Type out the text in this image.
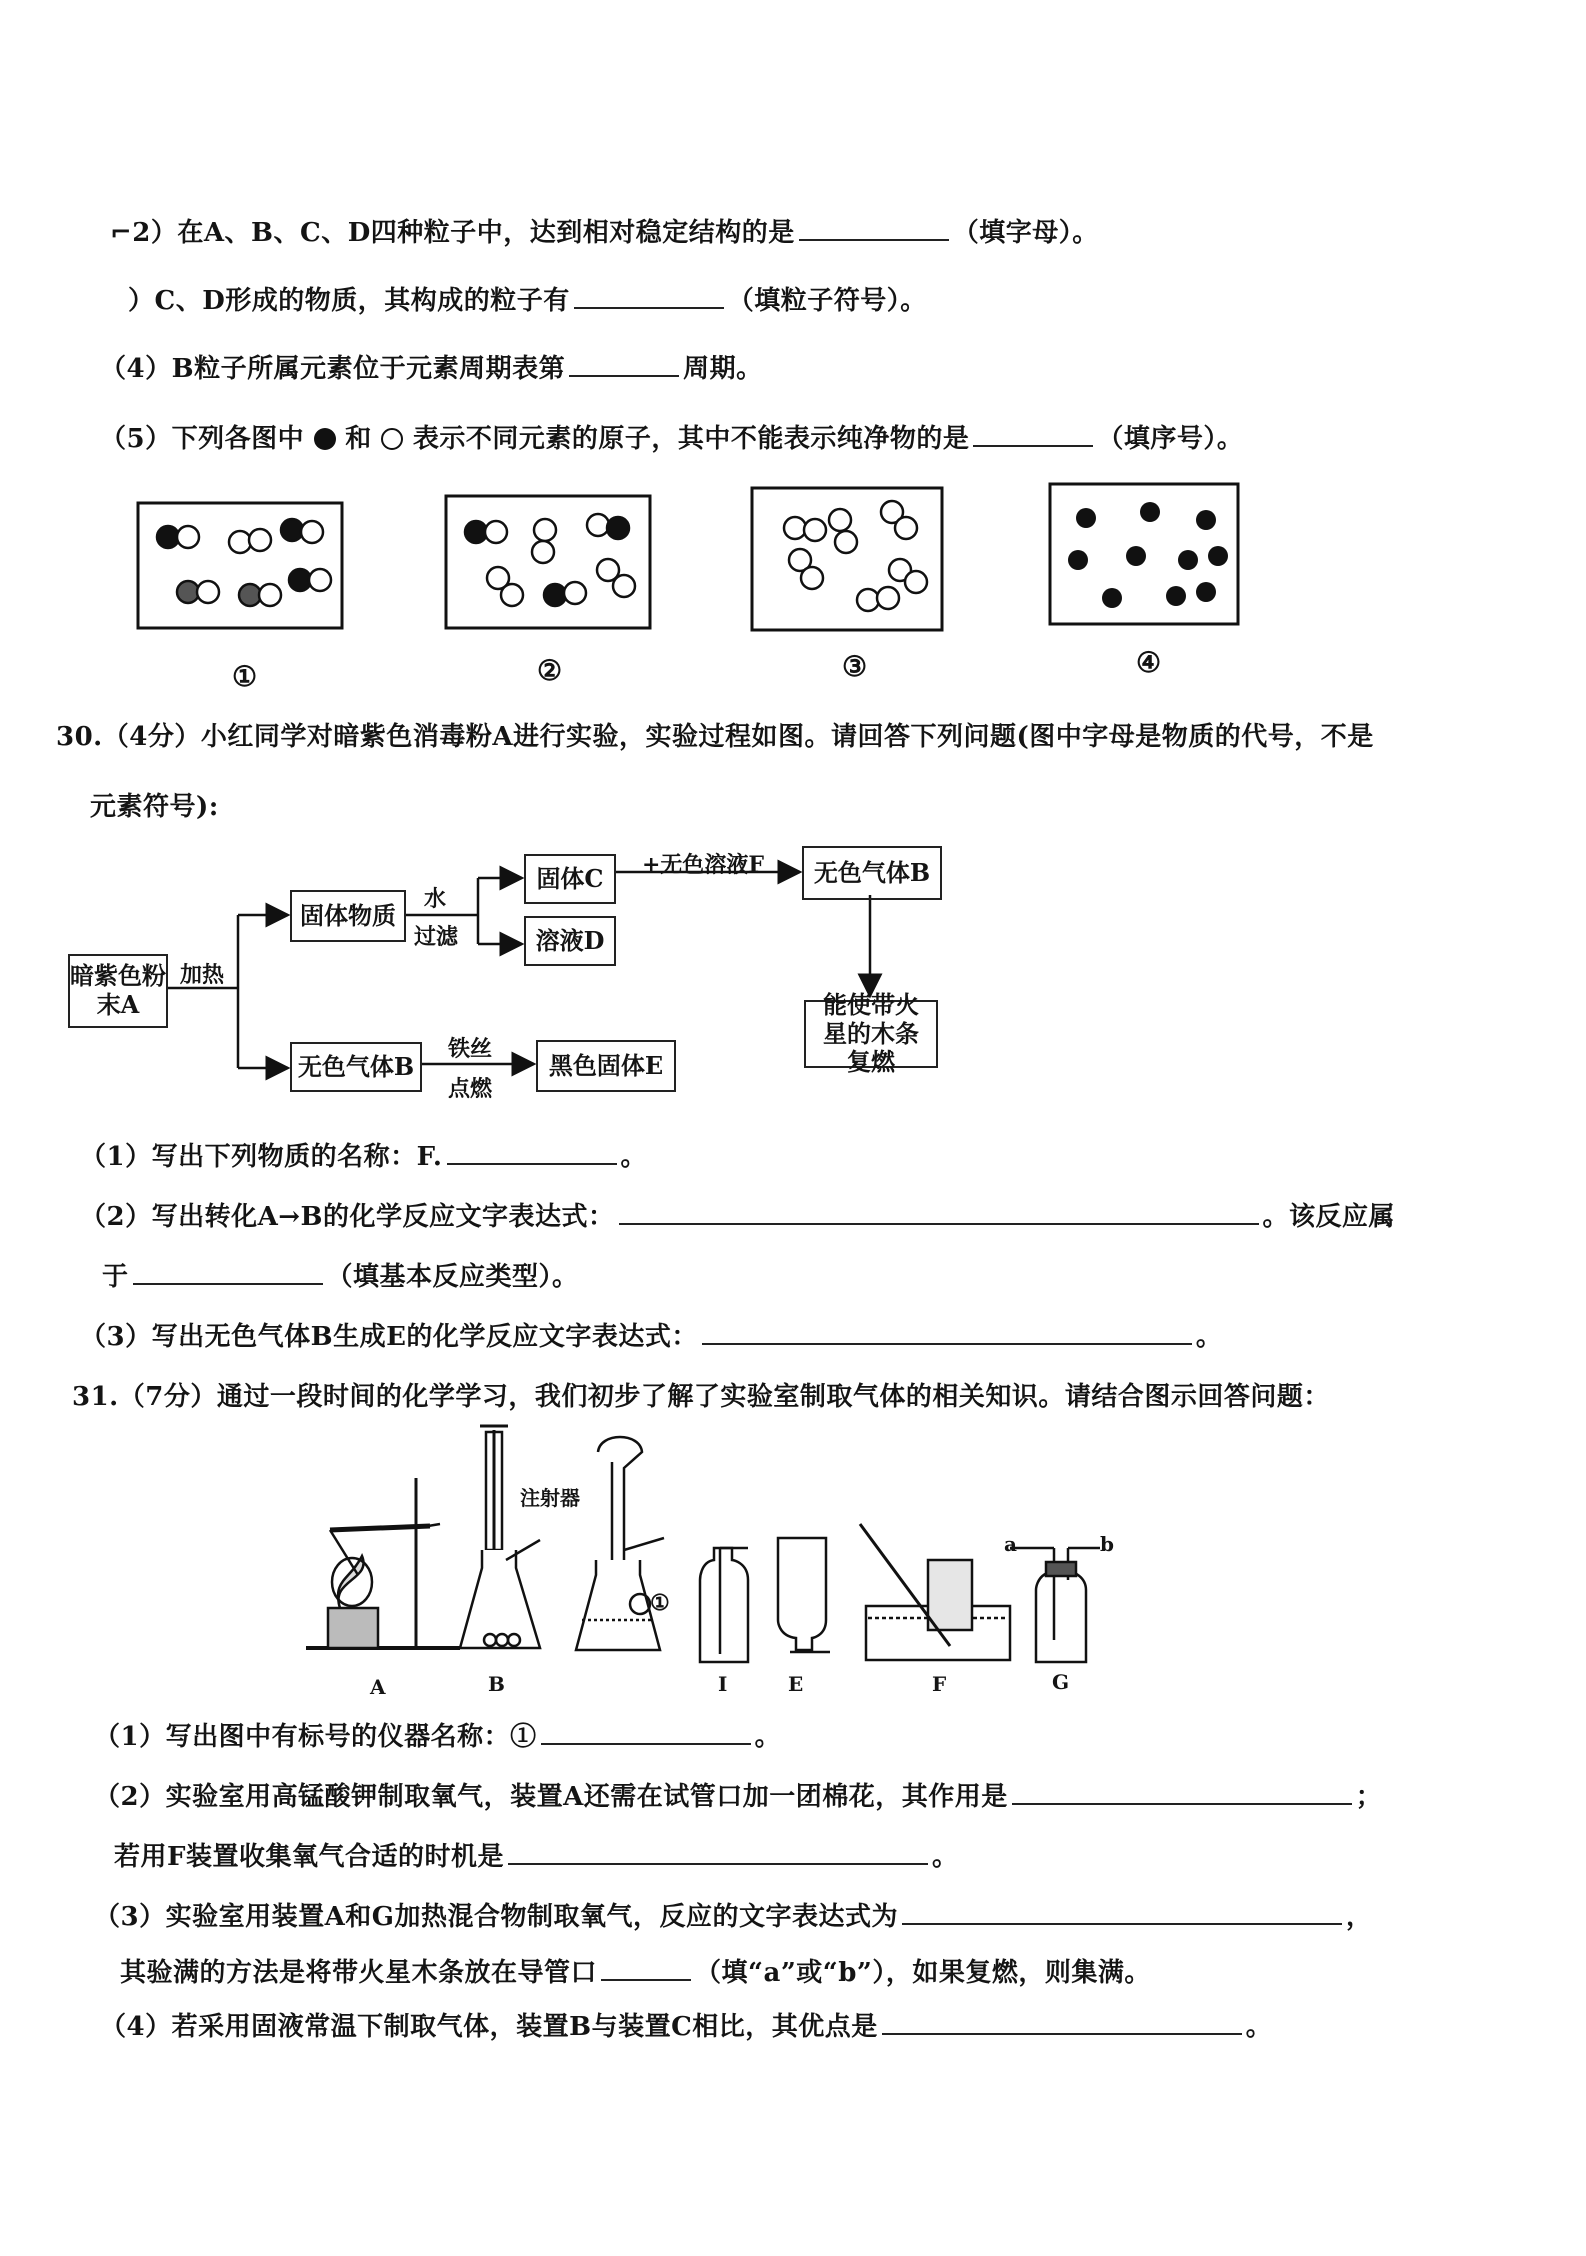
⌐2）在A、B、C、D四种粒子中，达到相对稳定结构的是	（填字母）。
）C、D形成的物质，其构成的粒子有	（填粒子符号）。
（4）B粒子所属元素位于元素周期表第	周期。
（5）下列各图中 和 表示不同元素的原子，其中不能表示纯净物的是	（填序号）。
①	②	③	④
30.（4分）小红同学对暗紫色消毒粉A进行实验，实验过程如图。请回答下列问题(图中字母是物质的代号，不是
元素符号):
暗紫色粉末A
加热
固体物质
水
过滤
固体C
溶液D
+无色溶液F	无色气体B
能使带火星的木条复燃
无色气体B
铁丝
点燃
黑色固体E
（1）写出下列物质的名称：F.	。
（2）写出转化A→B的化学反应文字表达式：	。该反应属
于	（填基本反应类型）。
（3）写出无色气体B生成E的化学反应文字表达式：	。
31.（7分）通过一段时间的化学学习，我们初步了解了实验室制取气体的相关知识。请结合图示回答问题：
注射器
①
A	B	I	E	F	G
a	b
（1）写出图中有标号的仪器名称：①	。
（2）实验室用高锰酸钾制取氧气，装置A还需在试管口加一团棉花，其作用是	；
若用F装置收集氧气合适的时机是	。
（3）实验室用装置A和G加热混合物制取氧气，反应的文字表达式为	，
其验满的方法是将带火星木条放在导管口	（填“a”或“b”），如果复燃，则集满。
（4）若采用固液常温下制取气体，装置B与装置C相比，其优点是	。
